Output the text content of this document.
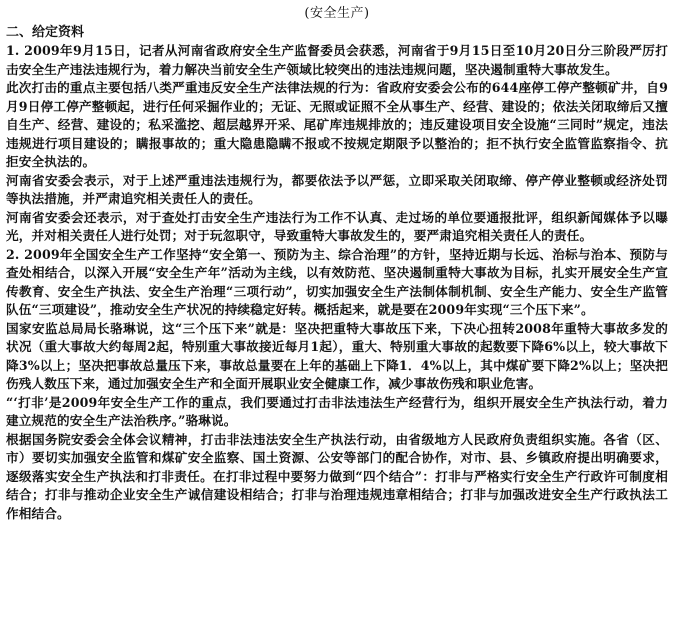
(安全生产)

二、给定资料

1. 2009年9月15日，记者从河南省政府安全生产监督委员会获悉，河南省于9月15日至10月20日分三阶段严厉打击安全生产违法违规行为，着力解决当前安全生产领域比较突出的违法违规问题，坚决遏制重特大事故发生。

此次打击的重点主要包括八类严重违反安全生产法律法规的行为：省政府安委会公布的644座停工停产整顿矿井，自9月9日停工停产整顿起，进行任何采掘作业的；无证、无照或证照不全从事生产、经营、建设的；依法关闭取缔后又擅自生产、经营、建设的；私采滥挖、超层越界开采、尾矿库违规排放的；违反建设项目安全设施“三同时”规定，违法违规进行项目建设的；瞒报事故的；重大隐患隐瞒不报或不按规定期限予以整治的；拒不执行安全监管监察指令、抗拒安全执法的。

河南省安委会表示，对于上述严重违法违规行为，都要依法予以严惩，立即采取关闭取缔、停产停业整顿或经济处罚等执法措施，并严肃追究相关责任人的责任。

河南省安委会还表示，对于查处打击安全生产违法行为工作不认真、走过场的单位要通报批评，组织新闻媒体予以曝光，并对相关责任人进行处罚；对于玩忽职守，导致重特大事故发生的，要严肃追究相关责任人的责任。

2. 2009年全国安全生产工作坚持“安全第一、预防为主、综合治理”的方针，坚持近期与长远、治标与治本、预防与查处相结合，以深入开展“安全生产年”活动为主线，以有效防范、坚决遏制重特大事故为目标，扎实开展安全生产宣传教育、安全生产执法、安全生产治理“三项行动”，切实加强安全生产法制体制机制、安全生产能力、安全生产监管队伍“三项建设”，推动安全生产状况的持续稳定好转。概括起来，就是要在2009年实现“三个压下来”。

国家安监总局局长骆琳说，这“三个压下来”就是：坚决把重特大事故压下来，下决心扭转2008年重特大事故多发的状况（重大事故大约每周2起，特别重大事故接近每月1起），重大、特别重大事故的起数要下降6%以上，较大事故下降3%以上；坚决把事故总量压下来，事故总量要在上年的基础上下降1．4%以上，其中煤矿要下降2%以上；坚决把伤残人数压下来，通过加强安全生产和全面开展职业安全健康工作，减少事故伤残和职业危害。

“‘打非’是2009年安全生产工作的重点，我们要通过打击非法违法生产经营行为，组织开展安全生产执法行动，着力建立规范的安全生产法治秩序。”骆琳说。

根据国务院安委会全体会议精神，打击非法违法安全生产执法行动，由省级地方人民政府负责组织实施。各省（区、市）要切实加强安全监管和煤矿安全监察、国土资源、公安等部门的配合协作，对市、县、乡镇政府提出明确要求，逐级落实安全生产执法和打非责任。在打非过程中要努力做到“四个结合”：打非与严格实行安全生产行政许可制度相结合；打非与推动企业安全生产诚信建设相结合；打非与治理违规违章相结合；打非与加强改进安全生产行政执法工作相结合。
